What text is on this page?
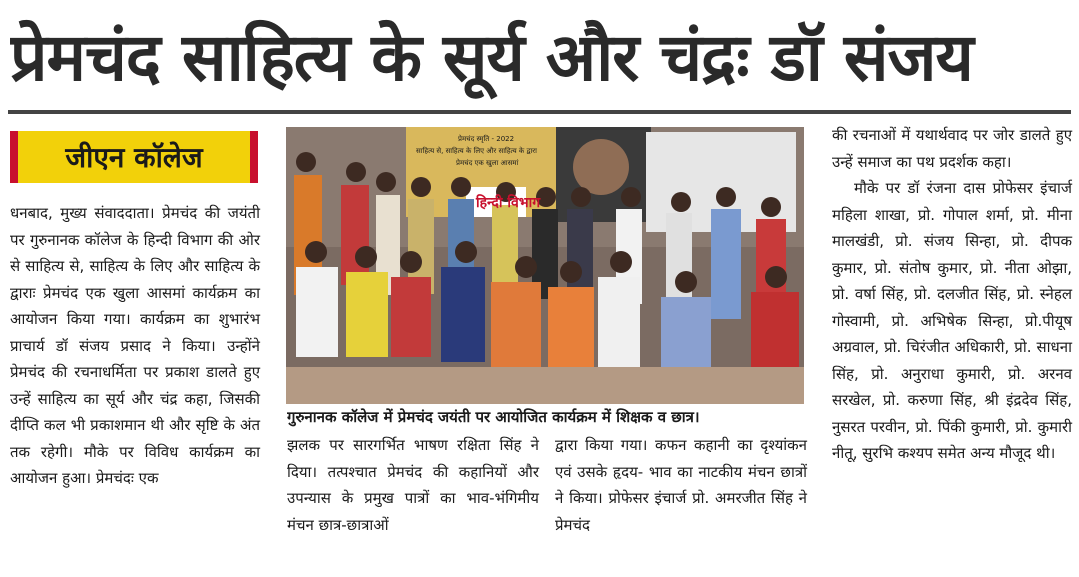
प्रेमचंद साहित्य के सूर्य और चंद्रः डॉ संजय
जीएन कॉलेज

धनबाद, मुख्य संवाददाता। प्रेमचंद की जयंती पर गुरुनानक कॉलेज के हिन्दी विभाग की ओर से साहित्य से, साहित्य के लिए और साहित्य के द्वाराः प्रेमचंद एक खुला आसमां कार्यक्रम का आयोजन किया गया। कार्यक्रम का शुभारंभ प्राचार्य डॉ संजय प्रसाद ने किया। उन्होंने प्रेमचंद की रचनाधर्मिता पर प्रकाश डालते हुए उन्हें साहित्य का सूर्य और चंद्र कहा, जिसकी दीप्ति कल भी प्रकाशमान थी और सृष्टि के अंत तक रहेगी। मौके पर विविध कार्यक्रम का आयोजन हुआ। प्रेमचंदः एक

प्रेमचंद स्मृति - 2022
साहित्य से, साहित्य के लिए और साहित्य के द्वारा
प्रेमचंद एक खुला आसमां
हिन्दी विभाग
गुरुनानक कॉलेज में प्रेमचंद जयंती पर आयोजित कार्यक्रम में शिक्षक व छात्र।

झलक पर सारगर्भित भाषण रक्षिता सिंह ने दिया। तत्पश्चात प्रेमचंद की कहानियों और उपन्यास के प्रमुख पात्रों का भाव-भंगिमीय मंचन छात्र-छात्राओं

द्वारा किया गया। कफन कहानी का दृश्यांकन एवं उसके हृदय- भाव का नाटकीय मंचन छात्रों ने किया। प्रोफेसर इंचार्ज प्रो. अमरजीत सिंह ने प्रेमचंद

की रचनाओं में यथार्थवाद पर जोर डालते हुए उन्हें समाज का पथ प्रदर्शक कहा।

मौके पर डॉ रंजना दास प्रोफेसर इंचार्ज महिला शाखा, प्रो. गोपाल शर्मा, प्रो. मीना मालखंडी, प्रो. संजय सिन्हा, प्रो. दीपक कुमार, प्रो. संतोष कुमार, प्रो. नीता ओझा, प्रो. वर्षा सिंह, प्रो. दलजीत सिंह, प्रो. स्नेहल गोस्वामी, प्रो. अभिषेक सिन्हा, प्रो.पीयूष अग्रवाल, प्रो. चिरंजीत अधिकारी, प्रो. साधना सिंह, प्रो. अनुराधा कुमारी, प्रो. अरनव सरखेल, प्रो. करुणा सिंह, श्री इंद्रदेव सिंह, नुसरत परवीन, प्रो. पिंकी कुमारी, प्रो. कुमारी नीतू, सुरभि कश्यप समेत अन्य मौजूद थी।
